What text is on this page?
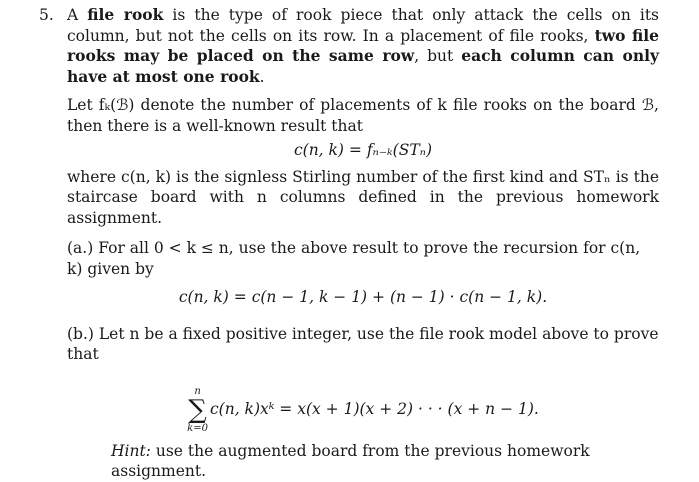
5. A file rook is the type of rook piece that only attack the cells on its column, but not the cells on its row. In a placement of file rooks, two file rooks may be placed on the same row, but each column can only have at most one rook.

Let fₖ(ℬ) denote the number of placements of k file rooks on the board ℬ, then there is a well-known result that

c(n, k) = fₙ₋ₖ(STₙ)

where c(n, k) is the signless Stirling number of the first kind and STₙ is the staircase board with n columns defined in the previous homework assignment.

(a.) For all 0 < k ≤ n, use the above result to prove the recursion for c(n, k) given by

c(n, k) = c(n − 1, k − 1) + (n − 1) · c(n − 1, k).

(b.) Let n be a fixed positive integer, use the file rook model above to prove that

n
∑
k=0
c(n, k)xᵏ = x(x + 1)(x + 2) · · · (x + n − 1).

Hint: use the augmented board from the previous homework assignment.
